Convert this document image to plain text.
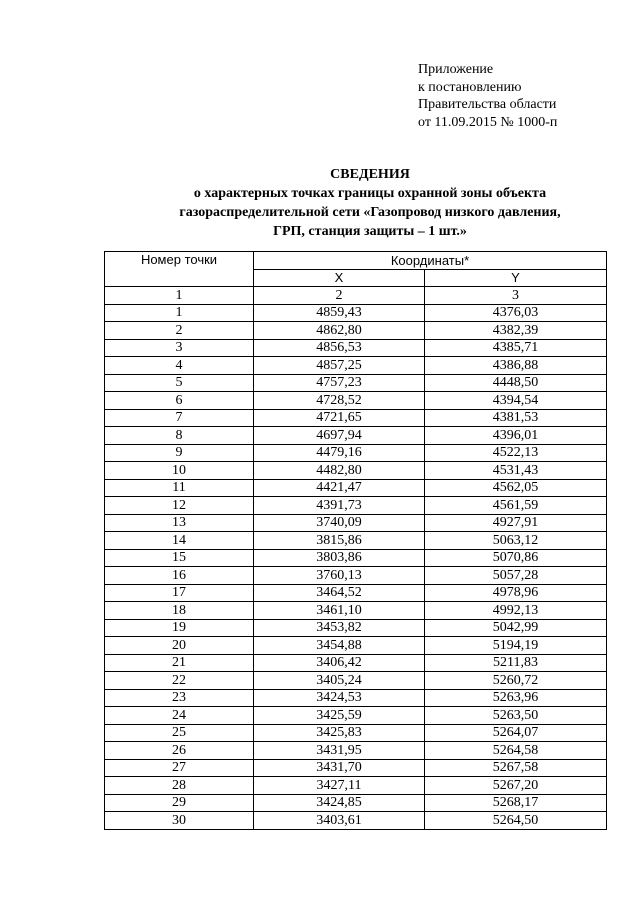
Приложение
к постановлению
Правительства области
от 11.09.2015 № 1000-п
СВЕДЕНИЯ
о характерных точках границы охранной зоны объекта
газораспределительной сети «Газопровод низкого давления,
ГРП, станция защиты – 1 шт.»
Номер точки	Координаты*	
	X	Y
1	2	3
1	4859,43	4376,03
2	4862,80	4382,39
3	4856,53	4385,71
4	4857,25	4386,88
5	4757,23	4448,50
6	4728,52	4394,54
7	4721,65	4381,53
8	4697,94	4396,01
9	4479,16	4522,13
10	4482,80	4531,43
11	4421,47	4562,05
12	4391,73	4561,59
13	3740,09	4927,91
14	3815,86	5063,12
15	3803,86	5070,86
16	3760,13	5057,28
17	3464,52	4978,96
18	3461,10	4992,13
19	3453,82	5042,99
20	3454,88	5194,19
21	3406,42	5211,83
22	3405,24	5260,72
23	3424,53	5263,96
24	3425,59	5263,50
25	3425,83	5264,07
26	3431,95	5264,58
27	3431,70	5267,58
28	3427,11	5267,20
29	3424,85	5268,17
30	3403,61	5264,50
